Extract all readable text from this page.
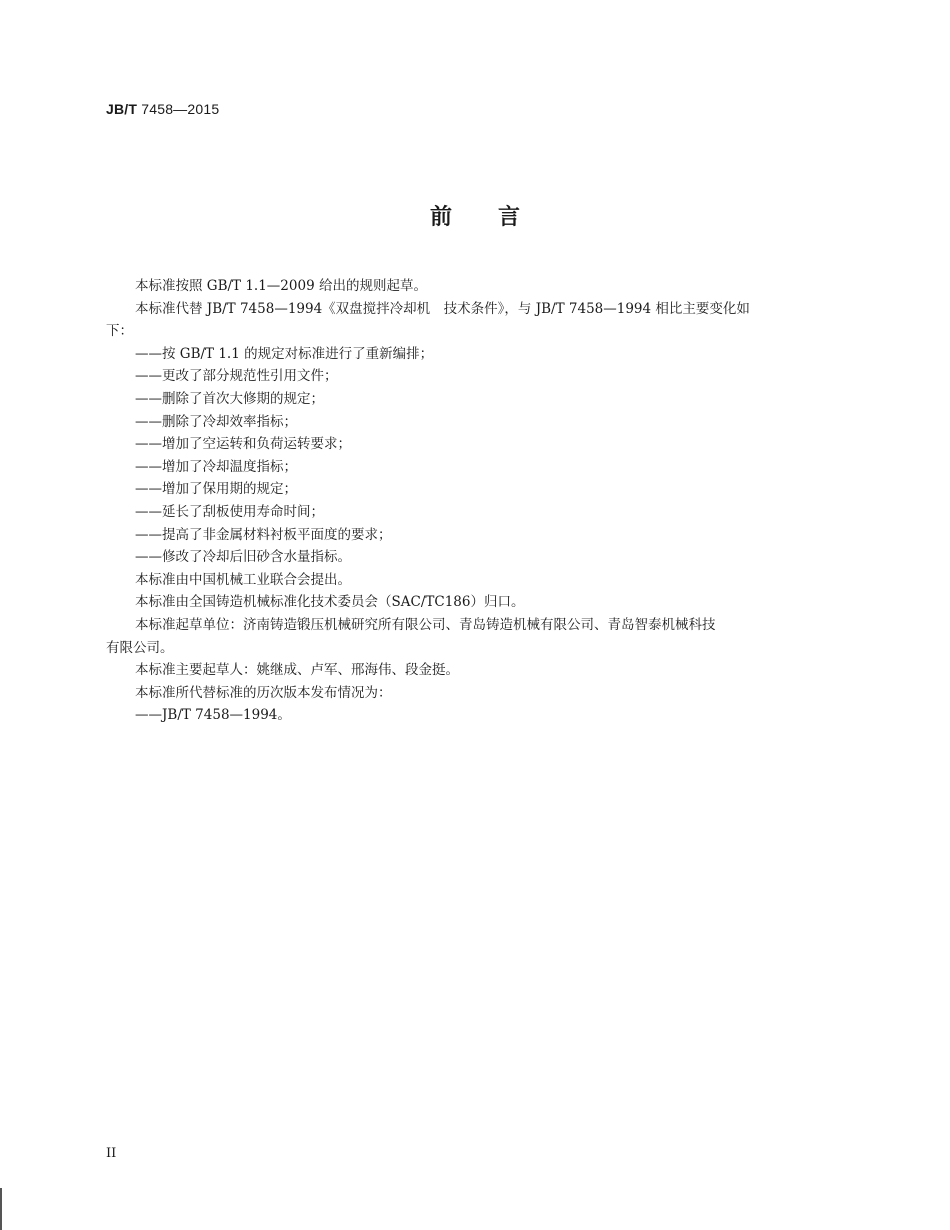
JB/T 7458—2015
前 言

本标准按照 GB/T 1.1—2009 给出的规则起草。

本标准代替 JB/T 7458—1994《双盘搅拌冷却机　技术条件》，与 JB/T 7458—1994 相比主要变化如
下：

——按 GB/T 1.1 的规定对标准进行了重新编排；

——更改了部分规范性引用文件；

——删除了首次大修期的规定；

——删除了冷却效率指标；

——增加了空运转和负荷运转要求；

——增加了冷却温度指标；

——增加了保用期的规定；

——延长了刮板使用寿命时间；

——提高了非金属材料衬板平面度的要求；

——修改了冷却后旧砂含水量指标。

本标准由中国机械工业联合会提出。

本标准由全国铸造机械标准化技术委员会（SAC/TC186）归口。

本标准起草单位：济南铸造锻压机械研究所有限公司、青岛铸造机械有限公司、青岛智泰机械科技
有限公司。

本标准主要起草人：姚继成、卢军、邢海伟、段金挺。

本标准所代替标准的历次版本发布情况为：

——JB/T 7458—1994。

II
